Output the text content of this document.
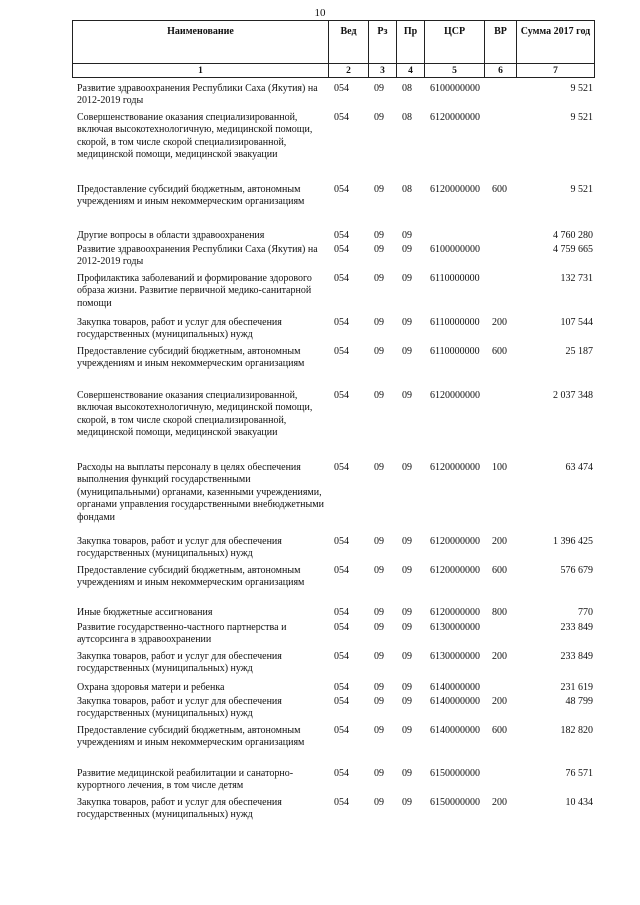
10
Наименование	Вед	Рз	Пр	ЦСР	ВР	Сумма 2017 год
1	2	3	4	5	6	7
Развитие здравоохранения Республики Саха (Якутия) на 2012-2019 годы
054	09 08 6100000000	9 521
Совершенствование оказания специализированной, включая высокотехнологичную, медицинской помощи, скорой, в том числе скорой специализированной, медицинской помощи, медицинской эвакуации
054	09 08 6120000000	9 521
Предоставление субсидий бюджетным, автономным учреждениям и иным некоммерческим организациям
054	09 08 6120000000 600	9 521
Другие вопросы в области здравоохранения	054	09 09	4 760 280
Развитие здравоохранения Республики Саха (Якутия) на 2012-2019 годы
054	09 09 6100000000	4 759 665
Профилактика заболеваний и формирование здорового образа жизни. Развитие первичной медико-санитарной помощи
054	09 09 6110000000	132 731
Закупка товаров, работ и услуг для обеспечения государственных (муниципальных) нужд
054	09 09 6110000000 200	107 544
Предоставление субсидий бюджетным, автономным учреждениям и иным некоммерческим организациям
054	09 09 6110000000 600	25 187
Совершенствование оказания специализированной, включая высокотехнологичную, медицинской помощи, скорой, в том числе скорой специализированной, медицинской помощи, медицинской эвакуации
054	09 09 6120000000	2 037 348
Расходы на выплаты персоналу в целях обеспечения выполнения функций государственными (муниципальными) органами, казенными учреждениями, органами управления государственными внебюджетными фондами
054	09 09 6120000000 100	63 474
Закупка товаров, работ и услуг для обеспечения государственных (муниципальных) нужд
054	09 09 6120000000 200	1 396 425
Предоставление субсидий бюджетным, автономным учреждениям и иным некоммерческим организациям
054	09 09 6120000000 600	576 679
Иные бюджетные ассигнования	054	09 09 6120000000 800	770
Развитие государственно-частного партнерства и аутсорсинга в здравоохранении
054	09 09 6130000000	233 849
Закупка товаров, работ и услуг для обеспечения государственных (муниципальных) нужд
054	09 09 6130000000 200	233 849
Охрана здоровья матери и ребенка	054	09 09 6140000000	231 619
Закупка товаров, работ и услуг для обеспечения государственных (муниципальных) нужд
054	09 09 6140000000 200	48 799
Предоставление субсидий бюджетным, автономным учреждениям и иным некоммерческим организациям
054	09 09 6140000000 600	182 820
Развитие медицинской реабилитации и санаторно-курортного лечения, в том числе детям
054	09 09 6150000000	76 571
Закупка товаров, работ и услуг для обеспечения государственных (муниципальных) нужд
054	09 09 6150000000 200	10 434
